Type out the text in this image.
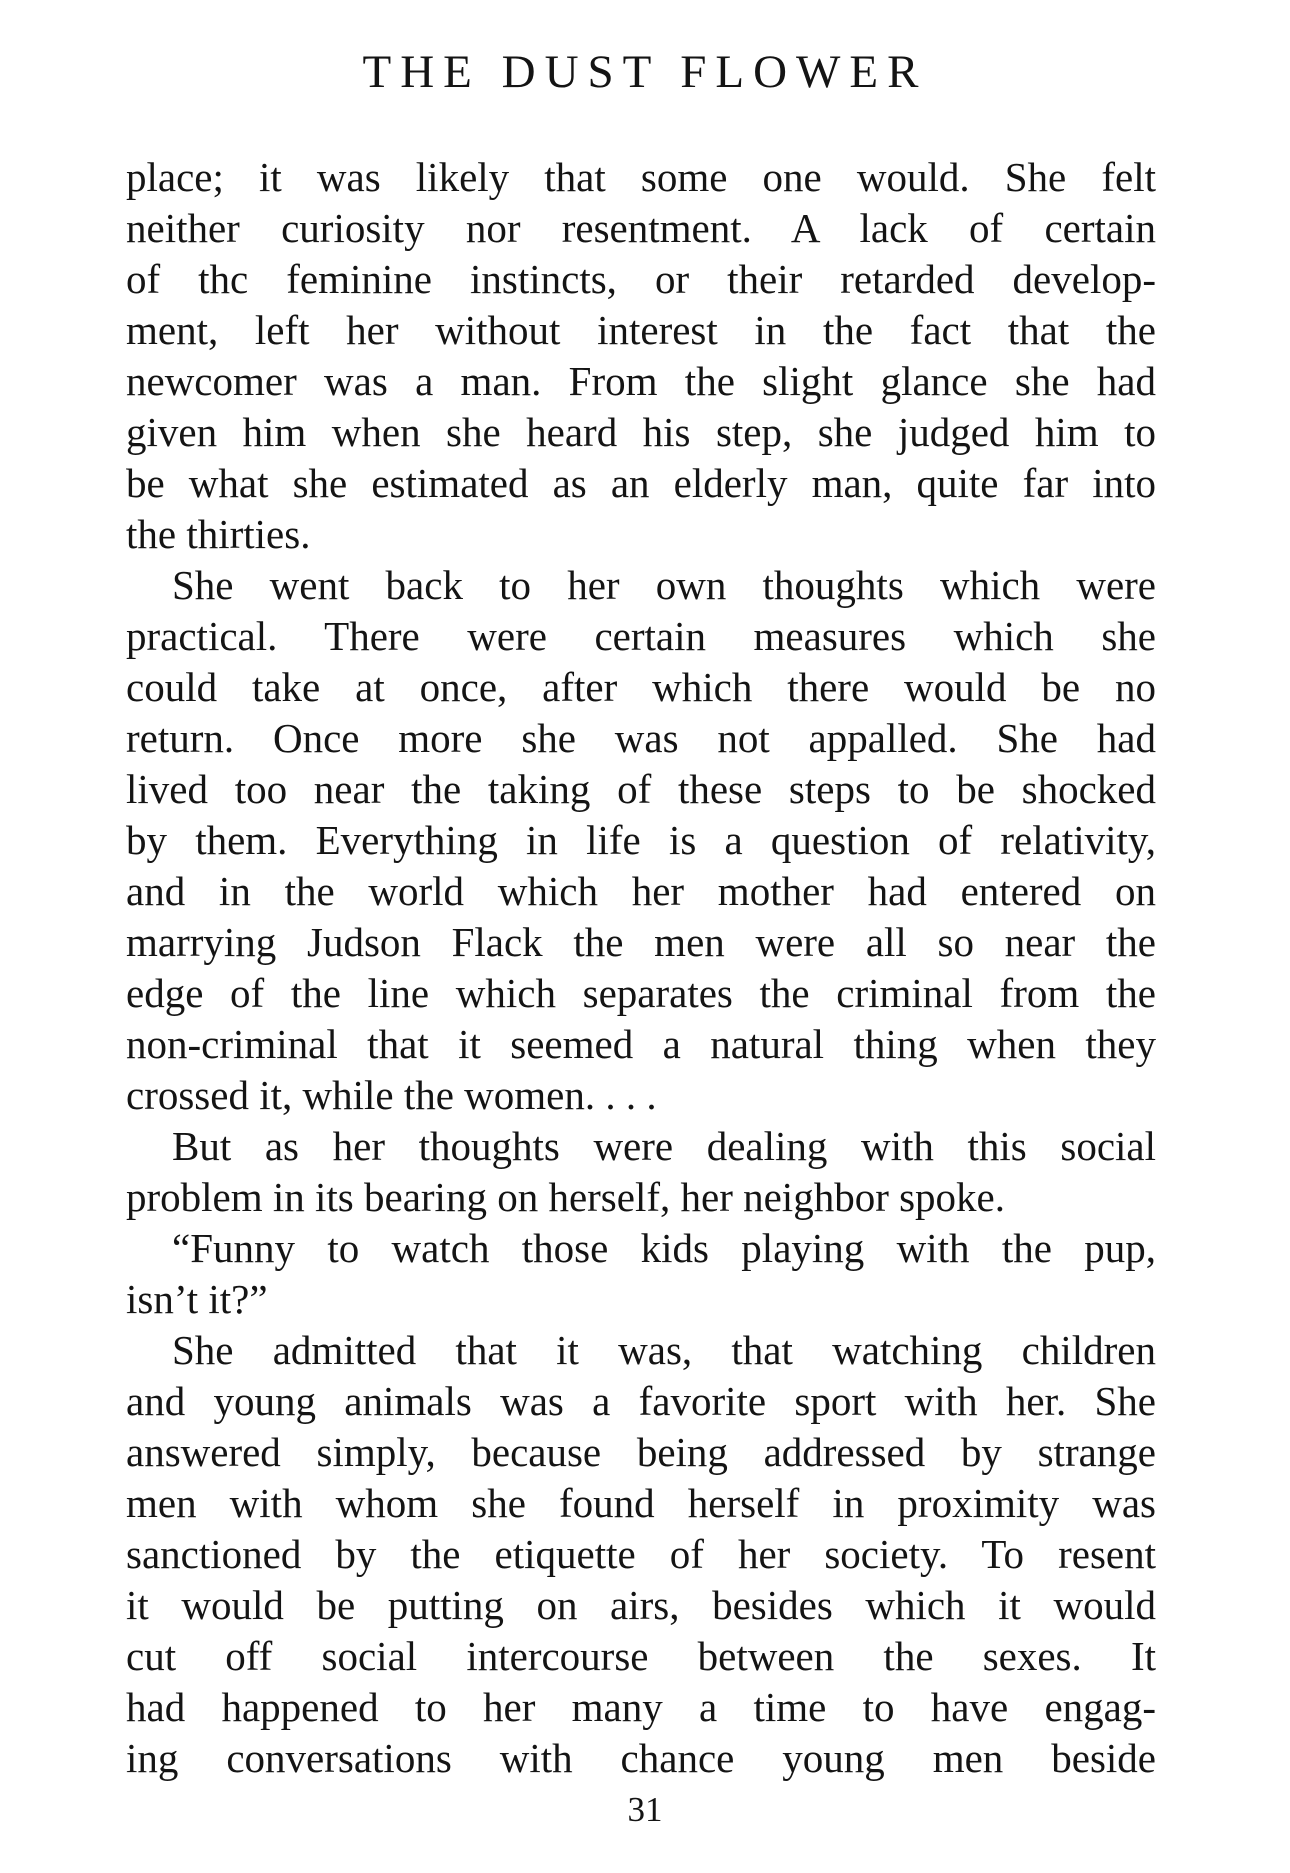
THE DUST FLOWER
place; it was likely that some one would. She felt
neither curiosity nor resentment. A lack of certain
of thc feminine instincts, or their retarded develop-
ment, left her without interest in the fact that the
newcomer was a man. From the slight glance she had
given him when she heard his step, she judged him to
be what she estimated as an elderly man, quite far into
the thirties.
She went back to her own thoughts which were
practical. There were certain measures which she
could take at once, after which there would be no
return. Once more she was not appalled. She had
lived too near the taking of these steps to be shocked
by them. Everything in life is a question of relativity,
and in the world which her mother had entered on
marrying Judson Flack the men were all so near the
edge of the line which separates the criminal from the
non-criminal that it seemed a natural thing when they
crossed it, while the women. . . .
But as her thoughts were dealing with this social
problem in its bearing on herself, her neighbor spoke.
“Funny to watch those kids playing with the pup,
isn’t it?”
She admitted that it was, that watching children
and young animals was a favorite sport with her. She
answered simply, because being addressed by strange
men with whom she found herself in proximity was
sanctioned by the etiquette of her society. To resent
it would be putting on airs, besides which it would
cut off social intercourse between the sexes. It
had happened to her many a time to have engag-
ing conversations with chance young men beside
31
